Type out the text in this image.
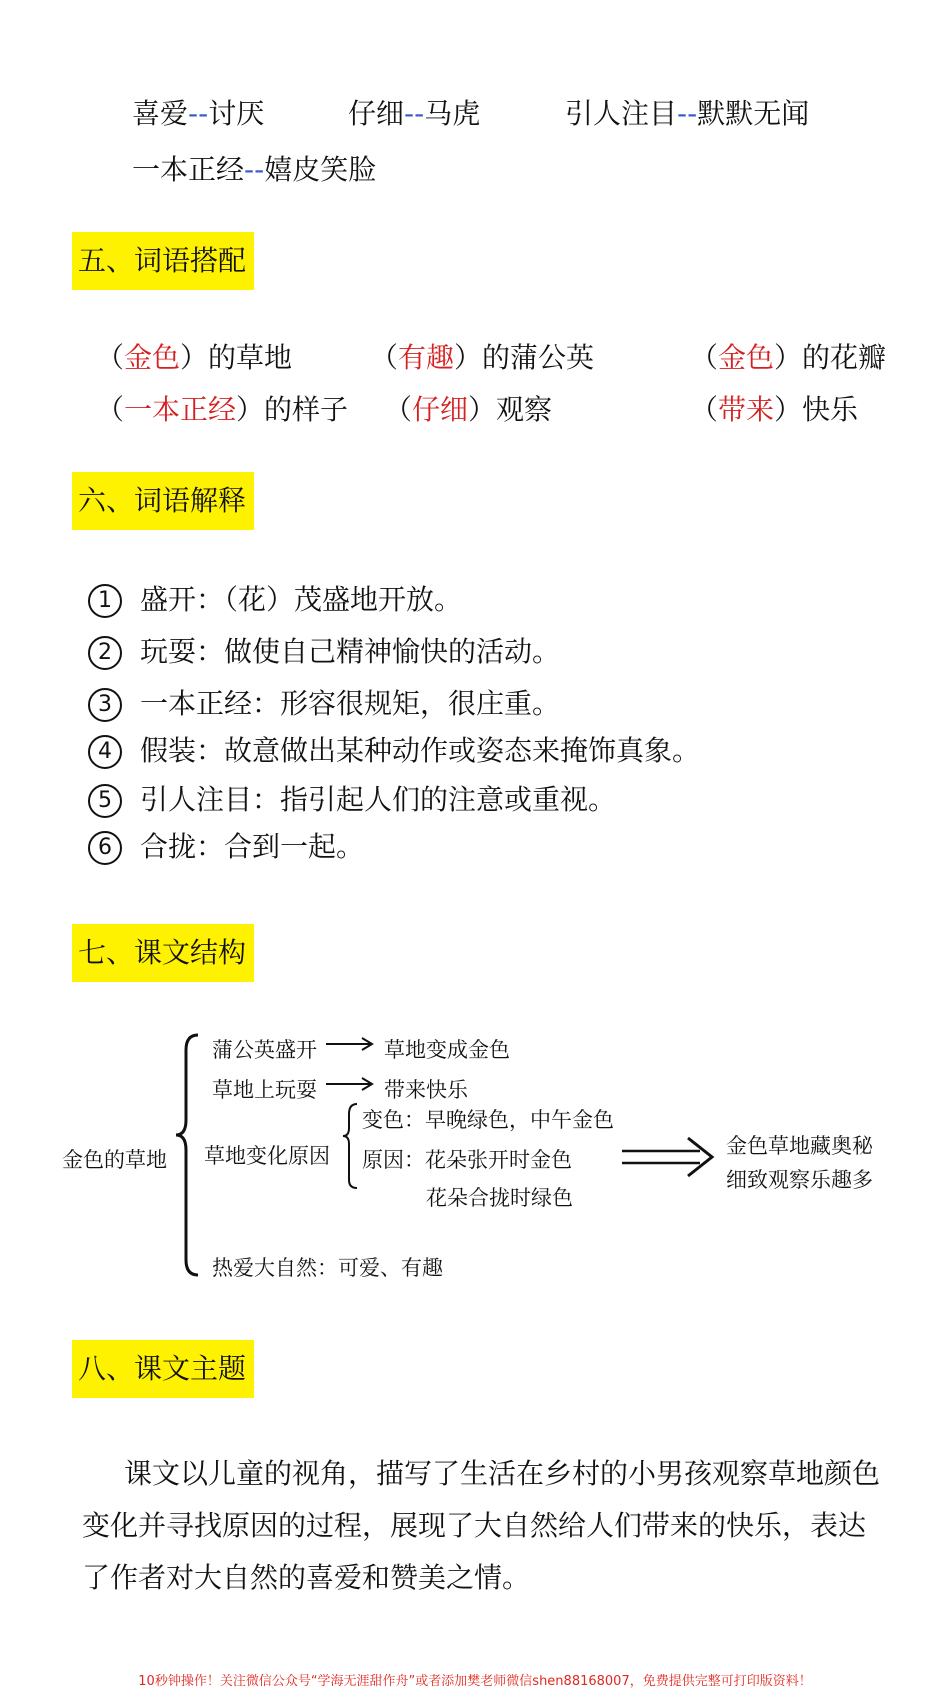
喜爱--讨厌	仔细--马虎	引人注目--默默无闻
一本正经--嬉皮笑脸
五、词语搭配
（金色）的草地	（有趣）的蒲公英	（金色）的花瓣
（一本正经）的样子 （仔细）观察	（带来）快乐
六、词语解释
1 盛开：（花）茂盛地开放。
2 玩耍：做使自己精神愉快的活动。
3 一本正经：形容很规矩，很庄重。
4 假装：故意做出某种动作或姿态来掩饰真象。
5 引人注目：指引起人们的注意或重视。
6 合拢：合到一起。
七、课文结构
金色的草地
蒲公英盛开	草地变成金色
草地上玩耍	带来快乐
草地变化原因
变色：早晚绿色，中午金色
原因：花朵张开时金色
花朵合拢时绿色
热爱大自然：可爱、有趣
金色草地藏奥秘
细致观察乐趣多
八、课文主题
课文以儿童的视角，描写了生活在乡村的小男孩观察草地颜色变化并寻找原因的过程，展现了大自然给人们带来的快乐，表达了作者对大自然的喜爱和赞美之情。
10秒钟操作！关注微信公众号“学海无涯甜作舟”或者添加樊老师微信shen88168007，免费提供完整可打印版资料！
